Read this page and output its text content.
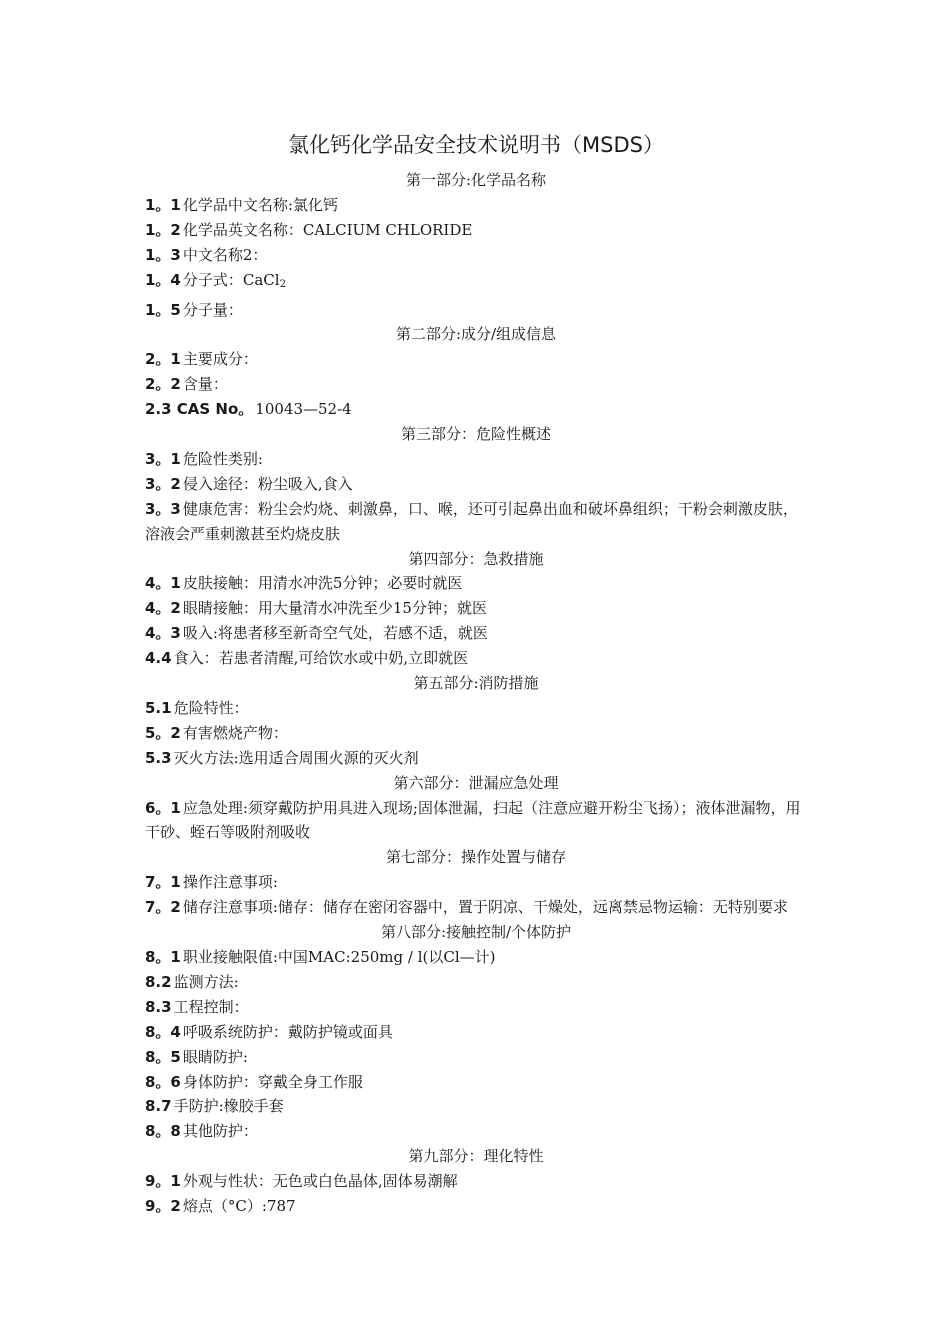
氯化钙化学品安全技术说明书（MSDS）
第一部分:化学品名称
1。1 化学品中文名称:氯化钙
1。2 化学品英文名称：CALCIUM CHLORIDE
1。3 中文名称2：
1。4 分子式：CaCl$_2$
1。5 分子量：
第二部分:成分/组成信息
2。1 主要成分：
2。2 含量：
2.3 CAS No。 10043—52-4
第三部分：危险性概述
3。1 危险性类别:
3。2 侵入途径：粉尘吸入,食入
3。3 健康危害：粉尘会灼烧、刺激鼻，口、喉，还可引起鼻出血和破坏鼻组织；干粉会刺激皮肤，溶液会严重刺激甚至灼烧皮肤
第四部分：急救措施
4。1 皮肤接触：用清水冲洗5分钟；必要时就医
4。2 眼睛接触：用大量清水冲洗至少15分钟；就医
4。3 吸入:将患者移至新奇空气处，若感不适，就医
4.4 食入：若患者清醒,可给饮水或中奶,立即就医
第五部分:消防措施
5.1 危险特性：
5。2 有害燃烧产物：
5.3 灭火方法:选用适合周围火源的灭火剂
第六部分：泄漏应急处理
6。1 应急处理:须穿戴防护用具进入现场;固体泄漏，扫起（注意应避开粉尘飞扬）；液体泄漏物，用干砂、蛭石等吸附剂吸收
第七部分：操作处置与储存
7。1 操作注意事项:
7。2 储存注意事项:储存：储存在密闭容器中，置于阴凉、干燥处，远离禁忌物运输：无特别要求
第八部分:接触控制/个体防护
8。1 职业接触限值:中国MAC:250mg / l(以Cl—计)
8.2 监测方法:
8.3 工程控制：
8。4 呼吸系统防护：戴防护镜或面具
8。5 眼睛防护:
8。6 身体防护：穿戴全身工作服
8.7 手防护:橡胶手套
8。8 其他防护：
第九部分：理化特性
9。1 外观与性状：无色或白色晶体,固体易潮解
9。2 熔点（°C）:787
